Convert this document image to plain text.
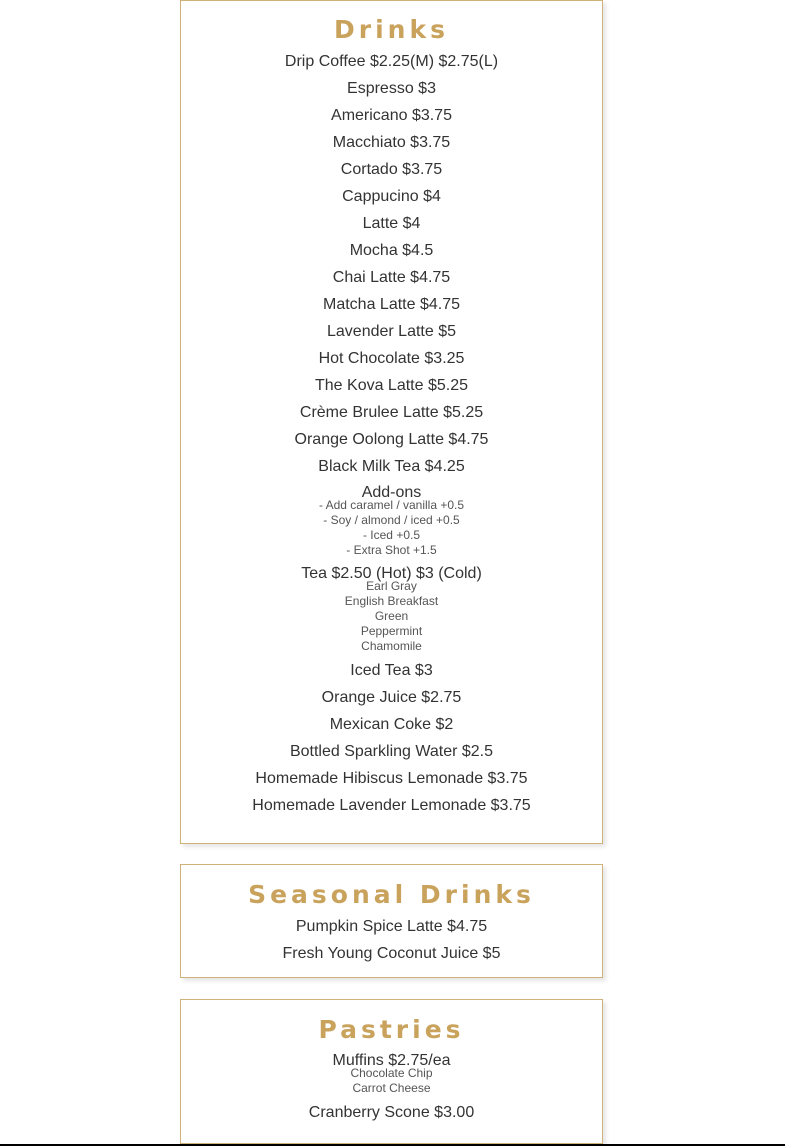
Drinks
Drip Coffee $2.25(M) $2.75(L)
Espresso $3
Americano $3.75
Macchiato $3.75
Cortado $3.75
Cappucino $4
Latte $4
Mocha $4.5
Chai Latte $4.75
Matcha Latte $4.75
Lavender Latte $5
Hot Chocolate $3.25
The Kova Latte $5.25
Crème Brulee Latte $5.25
Orange Oolong Latte $4.75
Black Milk Tea $4.25
Add-ons
- Add caramel / vanilla +0.5
- Soy / almond / iced +0.5
- Iced +0.5
- Extra Shot +1.5
Tea $2.50 (Hot) $3 (Cold)
Earl Gray
English Breakfast
Green
Peppermint
Chamomile
Iced Tea $3
Orange Juice $2.75
Mexican Coke $2
Bottled Sparkling Water $2.5
Homemade Hibiscus Lemonade $3.75
Homemade Lavender Lemonade $3.75
Seasonal Drinks
Pumpkin Spice Latte $4.75
Fresh Young Coconut Juice $5
Pastries
Muffins $2.75/ea
Chocolate Chip
Carrot Cheese
Cranberry Scone $3.00
